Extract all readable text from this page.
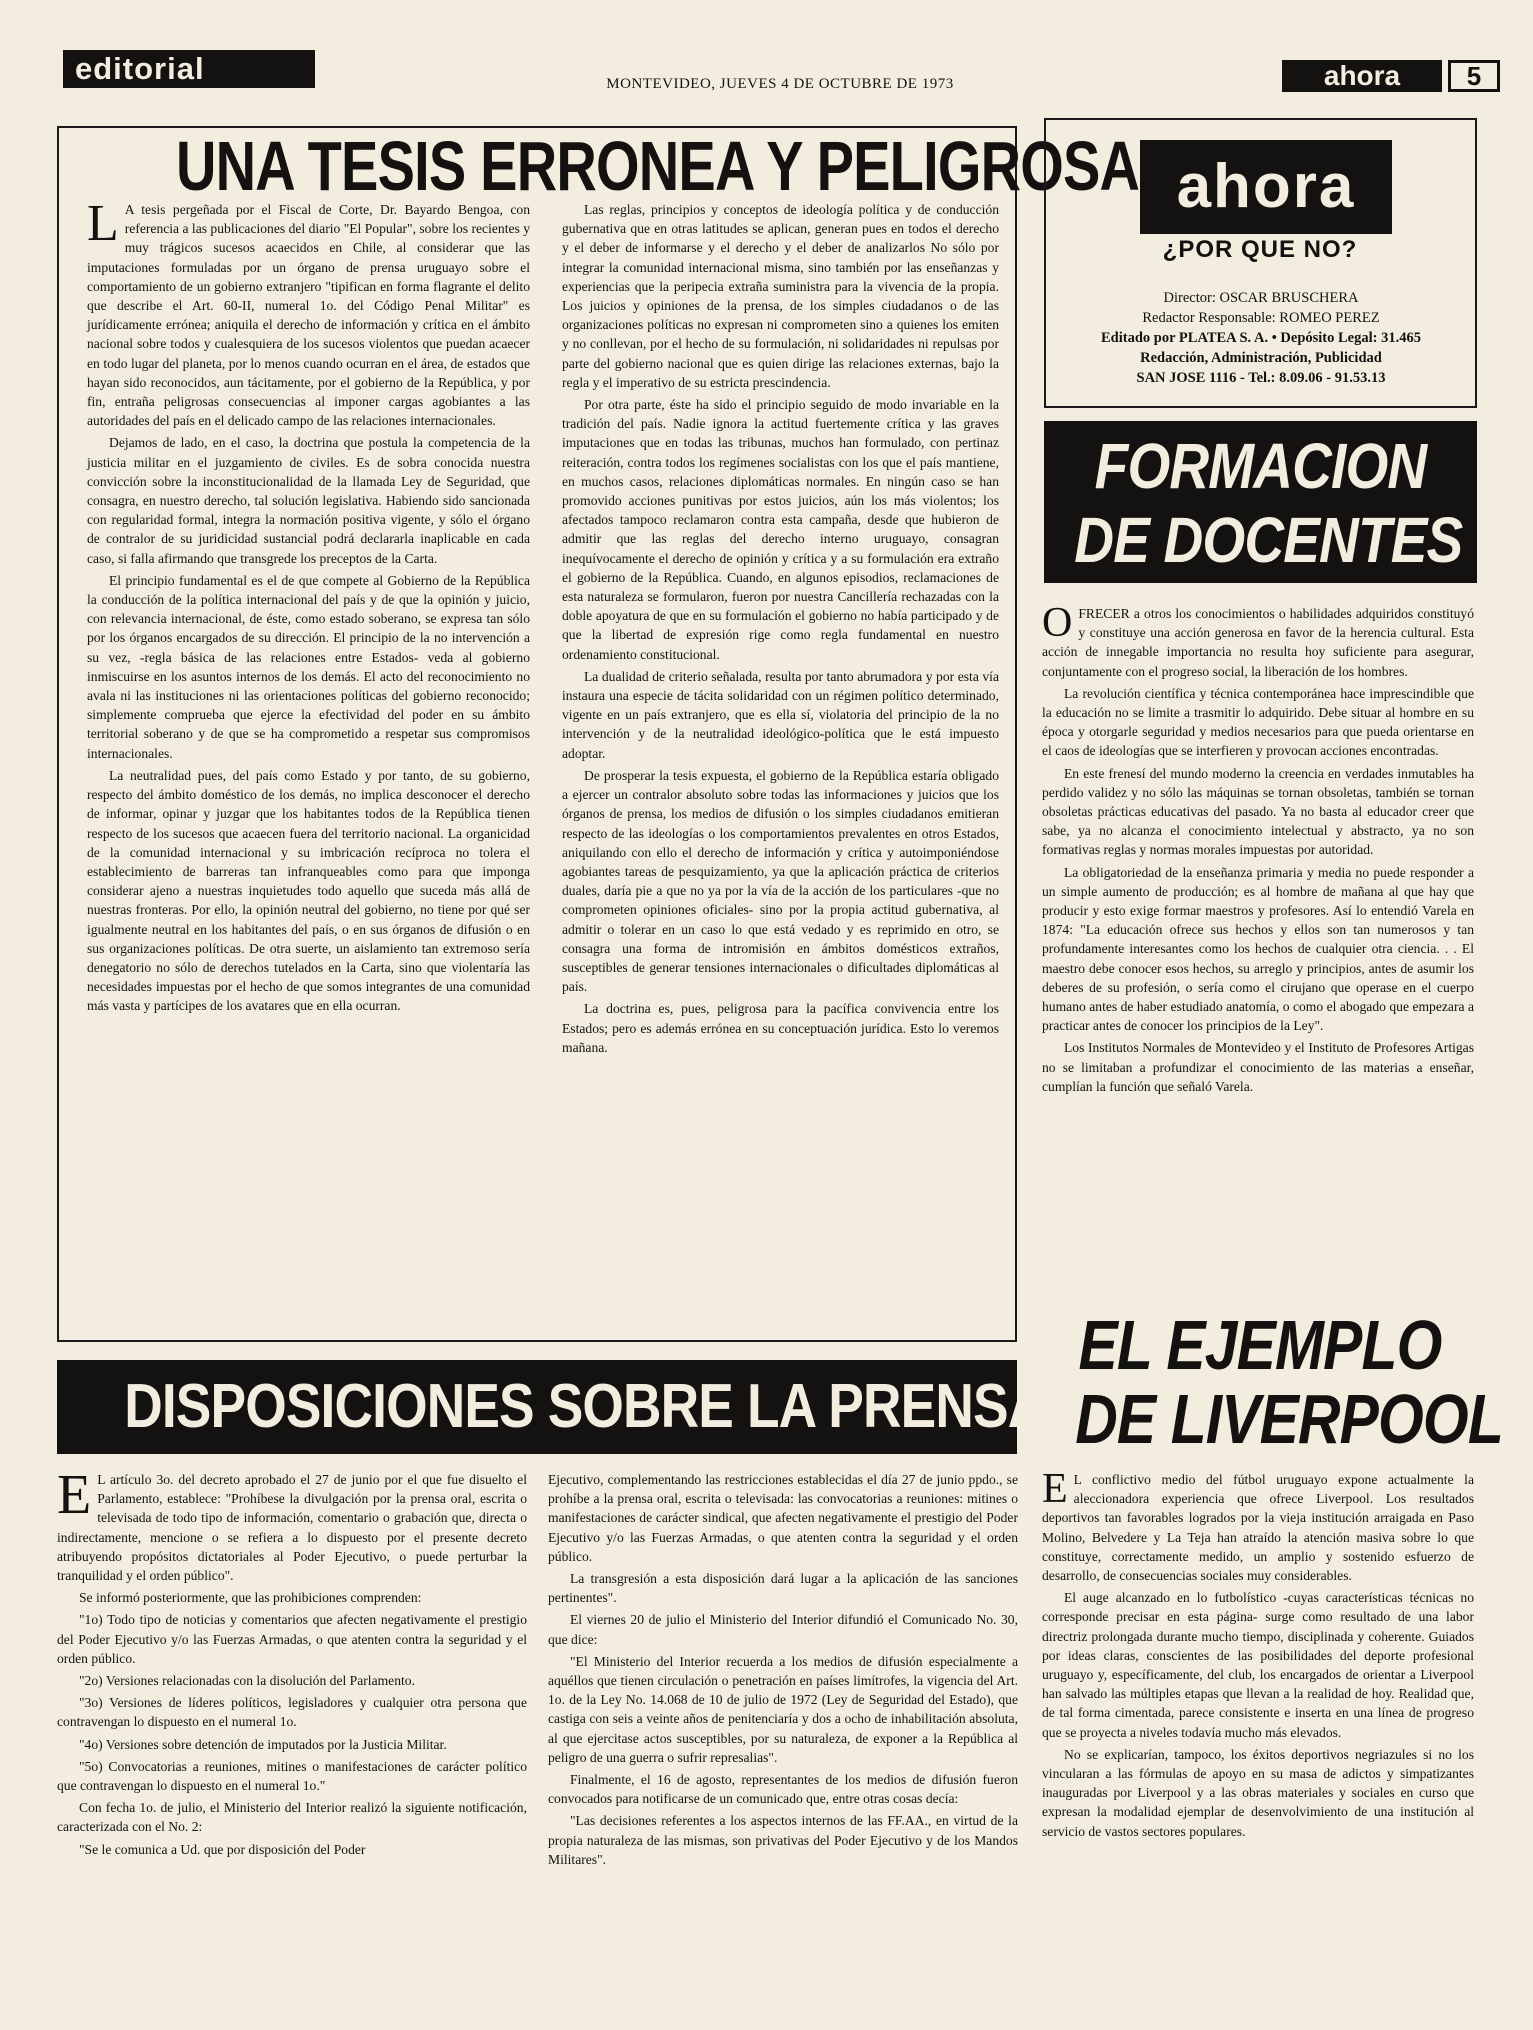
editorial	MONTEVIDEO, JUEVES 4 DE OCTUBRE DE 1973	ahora	5
UNA TESIS ERRONEA Y PELIGROSA
L A tesis pergeñada por el Fiscal de Corte, Dr. Bayardo Bengoa, con referencia a las publicaciones del diario "El Popular", sobre los recientes y muy trágicos sucesos acaecidos en Chile, al considerar que las imputaciones formuladas por un órgano de prensa uruguayo sobre el comportamiento de un gobierno extranjero "tipifican en forma flagrante el delito que describe el Art. 60-II, numeral 1o. del Código Penal Militar" es jurídicamente errónea; aniquila el derecho de información y crítica en el ámbito nacional sobre todos y cualesquiera de los sucesos violentos que puedan acaecer en todo lugar del planeta, por lo menos cuando ocurran en el área, de estados que hayan sido reconocidos, aun tácitamente, por el gobierno de la República, y por fin, entraña peligrosas consecuencias al imponer cargas agobiantes a las autoridades del país en el delicado campo de las relaciones internacionales.

Dejamos de lado, en el caso, la doctrina que postula la competencia de la justicia militar en el juzgamiento de civiles. Es de sobra conocida nuestra convicción sobre la inconstitucionalidad de la llamada Ley de Seguridad, que consagra, en nuestro derecho, tal solución legislativa. Habiendo sido sancionada con regularidad formal, integra la normación positiva vigente, y sólo el órgano de contralor de su juridicidad sustancial podrá declararla inaplicable en cada caso, si falla afirmando que transgrede los preceptos de la Carta.

El principio fundamental es el de que compete al Gobierno de la República la conducción de la política internacional del país y de que la opinión y juicio, con relevancia internacional, de éste, como estado soberano, se expresa tan sólo por los órganos encargados de su dirección. El principio de la no intervención a su vez, -regla básica de las relaciones entre Estados- veda al gobierno inmiscuirse en los asuntos internos de los demás. El acto del reconocimiento no avala ni las instituciones ni las orientaciones políticas del gobierno reconocido; simplemente comprueba que ejerce la efectividad del poder en su ámbito territorial soberano y de que se ha comprometido a respetar sus compromisos internacionales.

La neutralidad pues, del país como Estado y por tanto, de su gobierno, respecto del ámbito doméstico de los demás, no implica desconocer el derecho de informar, opinar y juzgar que los habitantes todos de la República tienen respecto de los sucesos que acaecen fuera del territorio nacional. La organicidad de la comunidad internacional y su imbricación recíproca no tolera el establecimiento de barreras tan infranqueables como para que imponga considerar ajeno a nuestras inquietudes todo aquello que suceda más allá de nuestras fronteras. Por ello, la opinión neutral del gobierno, no tiene por qué ser igualmente neutral en los habitantes del país, o en sus órganos de difusión o en sus organizaciones políticas. De otra suerte, un aislamiento tan extremoso sería denegatorio no sólo de derechos tutelados en la Carta, sino que violentaría las necesidades impuestas por el hecho de que somos integrantes de una comunidad más vasta y partícipes de los avatares que en ella ocurran.

Las reglas, principios y conceptos de ideología política y de conducción gubernativa que en otras latitudes se aplican, generan pues en todos el derecho y el deber de informarse y el derecho y el deber de analizarlos No sólo por integrar la comunidad internacional misma, sino también por las enseñanzas y experiencias que la peripecia extraña suministra para la vivencia de la propia. Los juicios y opiniones de la prensa, de los simples ciudadanos o de las organizaciones políticas no expresan ni comprometen sino a quienes los emiten y no conllevan, por el hecho de su formulación, ni solidaridades ni repulsas por parte del gobierno nacional que es quien dirige las relaciones externas, bajo la regla y el imperativo de su estricta prescindencia.

Por otra parte, éste ha sido el principio seguido de modo invariable en la tradición del país. Nadie ignora la actitud fuertemente crítica y las graves imputaciones que en todas las tribunas, muchos han formulado, con pertinaz reiteración, contra todos los regímenes socialistas con los que el país mantiene, en muchos casos, relaciones diplomáticas normales. En ningún caso se han promovido acciones punitivas por estos juicios, aún los más violentos; los afectados tampoco reclamaron contra esta campaña, desde que hubieron de admitir que las reglas del derecho interno uruguayo, consagran inequívocamente el derecho de opinión y crítica y a su formulación era extraño el gobierno de la República. Cuando, en algunos episodios, reclamaciones de esta naturaleza se formularon, fueron por nuestra Cancillería rechazadas con la doble apoyatura de que en su formulación el gobierno no había participado y de que la libertad de expresión rige como regla fundamental en nuestro ordenamiento constitucional.

La dualidad de criterio señalada, resulta por tanto abrumadora y por esta vía instaura una especie de tácita solidaridad con un régimen político determinado, vigente en un país extranjero, que es ella sí, violatoria del principio de la no intervención y de la neutralidad ideológico-política que le está impuesto adoptar.

De prosperar la tesis expuesta, el gobierno de la República estaría obligado a ejercer un contralor absoluto sobre todas las informaciones y juicios que los órganos de prensa, los medios de difusión o los simples ciudadanos emitieran respecto de las ideologías o los comportamientos prevalentes en otros Estados, aniquilando con ello el derecho de información y crítica y autoimponiéndose agobiantes tareas de pesquizamiento, ya que la aplicación práctica de criterios duales, daría pie a que no ya por la vía de la acción de los particulares -que no comprometen opiniones oficiales- sino por la propia actitud gubernativa, al admitir o tolerar en un caso lo que está vedado y es reprimido en otro, se consagra una forma de intromisión en ámbitos domésticos extraños, susceptibles de generar tensiones internacionales o dificultades diplomáticas al país.

La doctrina es, pues, peligrosa para la pacífica convivencia entre los Estados; pero es además errónea en su conceptuación jurídica. Esto lo veremos mañana.

ahora
¿POR QUE NO?
Director: OSCAR BRUSCHERA
Redactor Responsable: ROMEO PEREZ
Editado por PLATEA S. A. • Depósito Legal: 31.465
Redacción, Administración, Publicidad
SAN JOSE 1116 - Tel.: 8.09.06 - 91.53.13
FORMACION
DE DOCENTES
O FRECER a otros los conocimientos o habilidades adquiridos constituyó y constituye una acción generosa en favor de la herencia cultural. Esta acción de innegable importancia no resulta hoy suficiente para asegurar, conjuntamente con el progreso social, la liberación de los hombres.

La revolución científica y técnica contemporánea hace imprescindible que la educación no se limite a trasmitir lo adquirido. Debe situar al hombre en su época y otorgarle seguridad y medios necesarios para que pueda orientarse en el caos de ideologías que se interfieren y provocan acciones encontradas.

En este frenesí del mundo moderno la creencia en verdades inmutables ha perdido validez y no sólo las máquinas se tornan obsoletas, también se tornan obsoletas prácticas educativas del pasado. Ya no basta al educador creer que sabe, ya no alcanza el conocimiento intelectual y abstracto, ya no son formativas reglas y normas morales impuestas por autoridad.

La obligatoriedad de la enseñanza primaria y media no puede responder a un simple aumento de producción; es al hombre de mañana al que hay que producir y esto exige formar maestros y profesores. Así lo entendió Varela en 1874: "La educación ofrece sus hechos y ellos son tan numerosos y tan profundamente interesantes como los hechos de cualquier otra ciencia. . . El maestro debe conocer esos hechos, su arreglo y principios, antes de asumir los deberes de su profesión, o sería como el cirujano que operase en el cuerpo humano antes de haber estudiado anatomía, o como el abogado que empezara a practicar antes de conocer los principios de la Ley".

Los Institutos Normales de Montevideo y el Instituto de Profesores Artigas no se limitaban a profundizar el conocimiento de las materias a enseñar, cumplían la función que señaló Varela.

EL EJEMPLO
DE LIVERPOOL
E L conflictivo medio del fútbol uruguayo expone actualmente la aleccionadora experiencia que ofrece Liverpool. Los resultados deportivos tan favorables logrados por la vieja institución arraigada en Paso Molino, Belvedere y La Teja han atraído la atención masiva sobre lo que constituye, correctamente medido, un amplio y sostenido esfuerzo de desarrollo, de consecuencias sociales muy considerables.

El auge alcanzado en lo futbolístico -cuyas características técnicas no corresponde precisar en esta página- surge como resultado de una labor directriz prolongada durante mucho tiempo, disciplinada y coherente. Guiados por ideas claras, conscientes de las posibilidades del deporte profesional uruguayo y, específicamente, del club, los encargados de orientar a Liverpool han salvado las múltiples etapas que llevan a la realidad de hoy. Realidad que, de tal forma cimentada, parece consistente e inserta en una línea de progreso que se proyecta a niveles todavía mucho más elevados.

No se explicarían, tampoco, los éxitos deportivos negriazules si no los vincularan a las fórmulas de apoyo en su masa de adictos y simpatizantes inauguradas por Liverpool y a las obras materiales y sociales en curso que expresan la modalidad ejemplar de desenvolvimiento de una institución al servicio de vastos sectores populares.

DISPOSICIONES SOBRE LA PRENSA
E L artículo 3o. del decreto aprobado el 27 de junio por el que fue disuelto el Parlamento, establece: "Prohíbese la divulgación por la prensa oral, escrita o televisada de todo tipo de información, comentario o grabación que, directa o indirectamente, mencione o se refiera a lo dispuesto por el presente decreto atribuyendo propósitos dictatoriales al Poder Ejecutivo, o puede perturbar la tranquilidad y el orden público".

Se informó posteriormente, que las prohibiciones comprenden:

"1o) Todo tipo de noticias y comentarios que afecten negativamente el prestigio del Poder Ejecutivo y/o las Fuerzas Armadas, o que atenten contra la seguridad y el orden público.

"2o) Versiones relacionadas con la disolución del Parlamento.

"3o) Versiones de líderes políticos, legisladores y cualquier otra persona que contravengan lo dispuesto en el numeral 1o.

"4o) Versiones sobre detención de imputados por la Justicia Militar.

"5o) Convocatorias a reuniones, mitines o manifestaciones de carácter político que contravengan lo dispuesto en el numeral 1o."

Con fecha 1o. de julio, el Ministerio del Interior realizó la siguiente notificación, caracterizada con el No. 2:

"Se le comunica a Ud. que por disposición del Poder

Ejecutivo, complementando las restricciones establecidas el día 27 de junio ppdo., se prohíbe a la prensa oral, escrita o televisada: las convocatorias a reuniones: mitines o manifestaciones de carácter sindical, que afecten negativamente el prestigio del Poder Ejecutivo y/o las Fuerzas Armadas, o que atenten contra la seguridad y el orden público.

La transgresión a esta disposición dará lugar a la aplicación de las sanciones pertinentes".

El viernes 20 de julio el Ministerio del Interior difundió el Comunicado No. 30, que dice:

"El Ministerio del Interior recuerda a los medios de difusión especialmente a aquéllos que tienen circulación o penetración en países limítrofes, la vigencia del Art. 1o. de la Ley No. 14.068 de 10 de julio de 1972 (Ley de Seguridad del Estado), que castiga con seis a veinte años de penitenciaría y dos a ocho de inhabilitación absoluta, al que ejercitase actos susceptibles, por su naturaleza, de exponer a la República al peligro de una guerra o sufrir represalias".

Finalmente, el 16 de agosto, representantes de los medios de difusión fueron convocados para notificarse de un comunicado que, entre otras cosas decía:

"Las decisiones referentes a los aspectos internos de las FF.AA., en virtud de la propia naturaleza de las mismas, son privativas del Poder Ejecutivo y de los Mandos Militares".
